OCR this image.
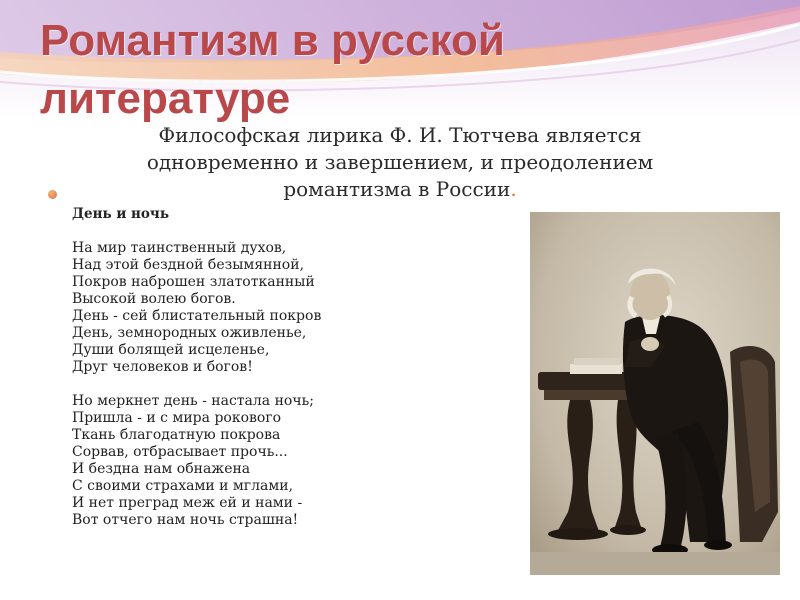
Романтизм в русской
литературе
Философская лирика Ф. И. Тютчева является
одновременно и завершением, и преодолением
романтизма в России.
День и ночь
На мир таинственный духов,
Над этой бездной безымянной,
Покров наброшен златотканный
Высокой волею богов.
День - сей блистательный покров
День, земнородных оживленье,
Души болящей исцеленье,
Друг человеков и богов!
Но меркнет день - настала ночь;
Пришла - и с мира рокового
Ткань благодатную покрова
Сорвав, отбрасывает прочь...
И бездна нам обнажена
С своими страхами и мглами,
И нет преград меж ей и нами -
Вот отчего нам ночь страшна!
